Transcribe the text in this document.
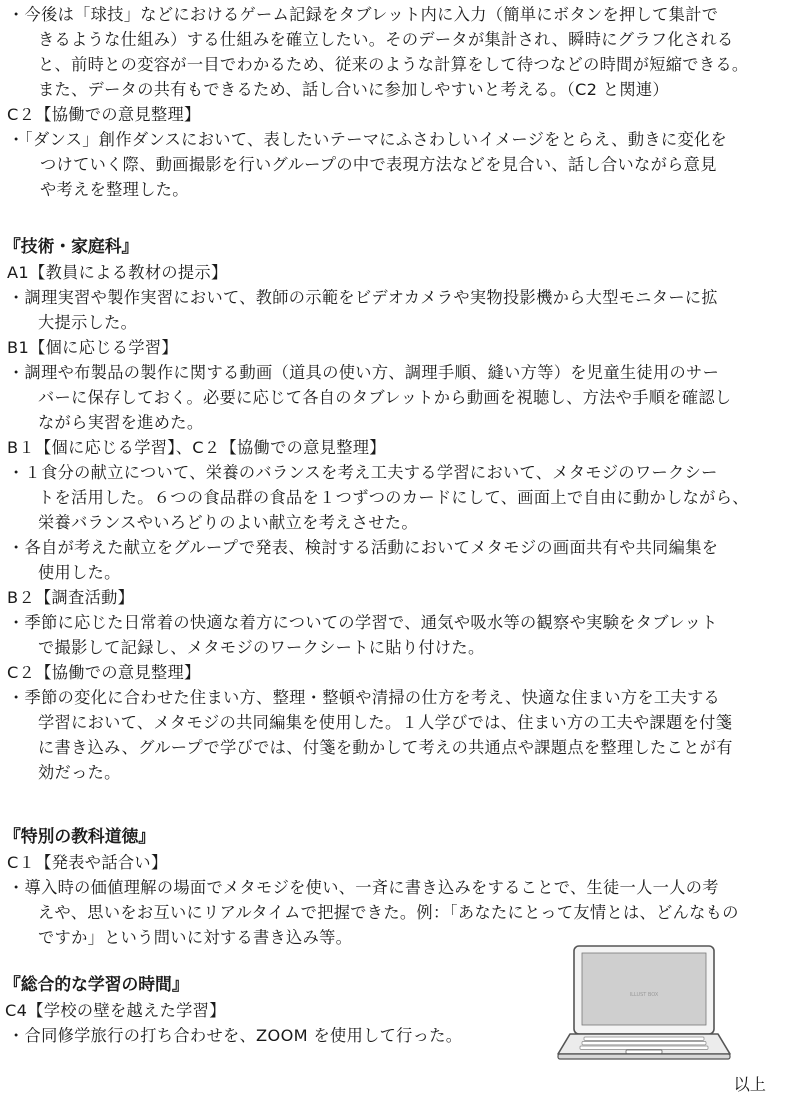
・今後は「球技」などにおけるゲーム記録をタブレット内に入力（簡単にボタンを押して集計で
きるような仕組み）する仕組みを確立したい。そのデータが集計され、瞬時にグラフ化される
と、前時との変容が一目でわかるため、従来のような計算をして待つなどの時間が短縮できる。
また、データの共有もできるため、話し合いに参加しやすいと考える。（C2 と関連）
C２【協働での意見整理】
・「ダンス」創作ダンスにおいて、表したいテーマにふさわしいイメージをとらえ、動きに変化を
つけていく際、動画撮影を行いグループの中で表現方法などを見合い、話し合いながら意見
や考えを整理した。
『技術・家庭科』
A1【教員による教材の提示】
・調理実習や製作実習において、教師の示範をビデオカメラや実物投影機から大型モニターに拡
大提示した。
B1【個に応じる学習】
・調理や布製品の製作に関する動画（道具の使い方、調理手順、縫い方等）を児童生徒用のサー
バーに保存しておく。必要に応じて各自のタブレットから動画を視聴し、方法や手順を確認し
ながら実習を進めた。
B１【個に応じる学習】、C２【協働での意見整理】
・１食分の献立について、栄養のバランスを考え工夫する学習において、メタモジのワークシー
トを活用した。６つの食品群の食品を１つずつのカードにして、画面上で自由に動かしながら、
栄養バランスやいろどりのよい献立を考えさせた。
・各自が考えた献立をグループで発表、検討する活動においてメタモジの画面共有や共同編集を
使用した。
B２【調査活動】
・季節に応じた日常着の快適な着方についての学習で、通気や吸水等の観察や実験をタブレット
で撮影して記録し、メタモジのワークシートに貼り付けた。
C２【協働での意見整理】
・季節の変化に合わせた住まい方、整理・整頓や清掃の仕方を考え、快適な住まい方を工夫する
学習において、メタモジの共同編集を使用した。１人学びでは、住まい方の工夫や課題を付箋
に書き込み、グループで学びでは、付箋を動かして考えの共通点や課題点を整理したことが有
効だった。
『特別の教科道徳』
C１【発表や話合い】
・導入時の価値理解の場面でメタモジを使い、一斉に書き込みをすることで、生徒一人一人の考
えや、思いをお互いにリアルタイムで把握できた。例：「あなたにとって友情とは、どんなもの
ですか」という問いに対する書き込み等。
『総合的な学習の時間』
C4【学校の壁を越えた学習】
・合同修学旅行の打ち合わせを、ZOOM を使用して行った。
ILLUST BOX
以上
